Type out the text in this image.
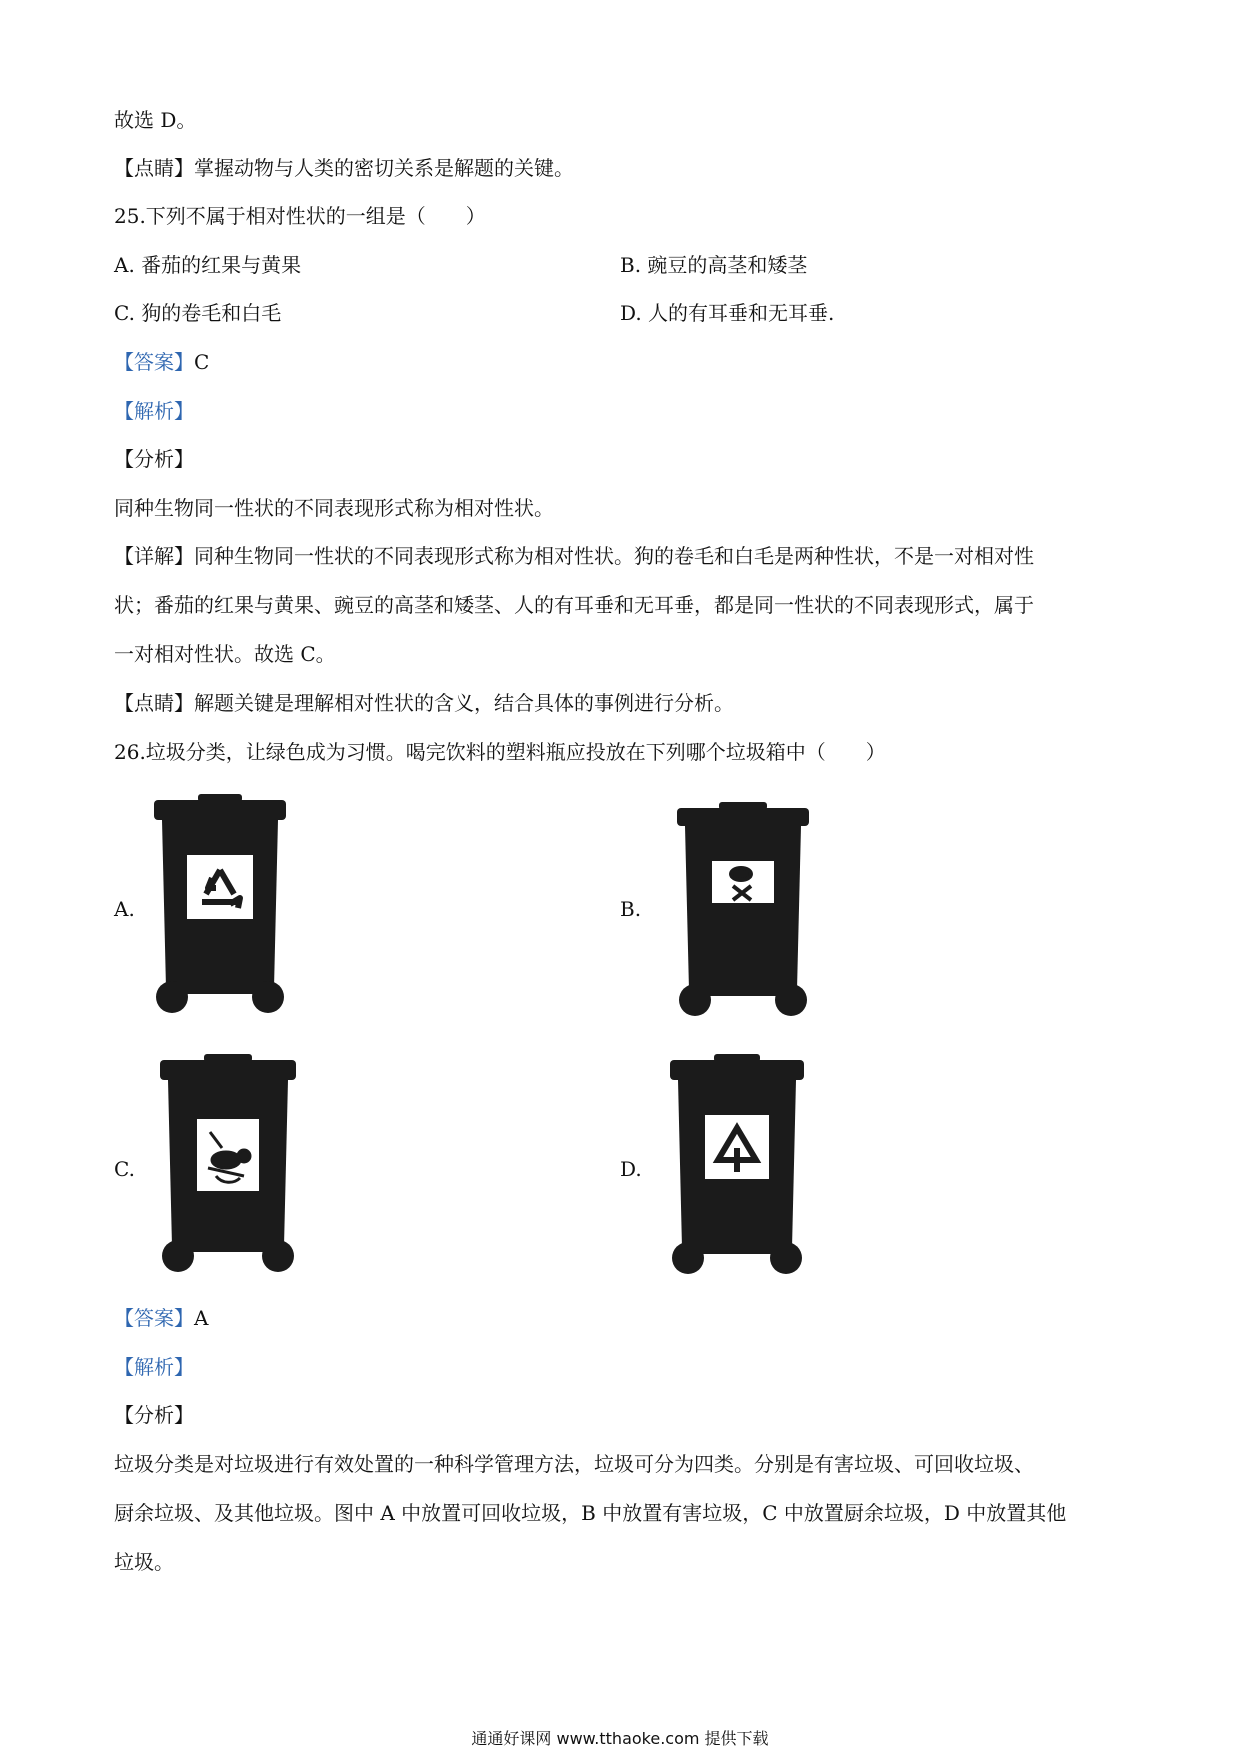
故选 D。
【点睛】掌握动物与人类的密切关系是解题的关键。
25.下列不属于相对性状的一组是（　　）
A. 番茄的红果与黄果	B. 豌豆的高茎和矮茎
C. 狗的卷毛和白毛	D. 人的有耳垂和无耳垂.
【答案】C
【解析】
【分析】
同种生物同一性状的不同表现形式称为相对性状。
【详解】同种生物同一性状的不同表现形式称为相对性状。狗的卷毛和白毛是两种性状，不是一对相对性
状；番茄的红果与黄果、豌豆的高茎和矮茎、人的有耳垂和无耳垂，都是同一性状的不同表现形式，属于
一对相对性状。故选 C。
【点睛】解题关键是理解相对性状的含义，结合具体的事例进行分析。
26.垃圾分类，让绿色成为习惯。喝完饮料的塑料瓶应投放在下列哪个垃圾箱中（　　）
A.	B.
C.	D.
【答案】A
【解析】
【分析】
垃圾分类是对垃圾进行有效处置的一种科学管理方法，垃圾可分为四类。分别是有害垃圾、可回收垃圾、
厨余垃圾、及其他垃圾。图中 A 中放置可回收垃圾，B 中放置有害垃圾，C 中放置厨余垃圾，D 中放置其他
垃圾。
通通好课网 www.tthaoke.com 提供下载
